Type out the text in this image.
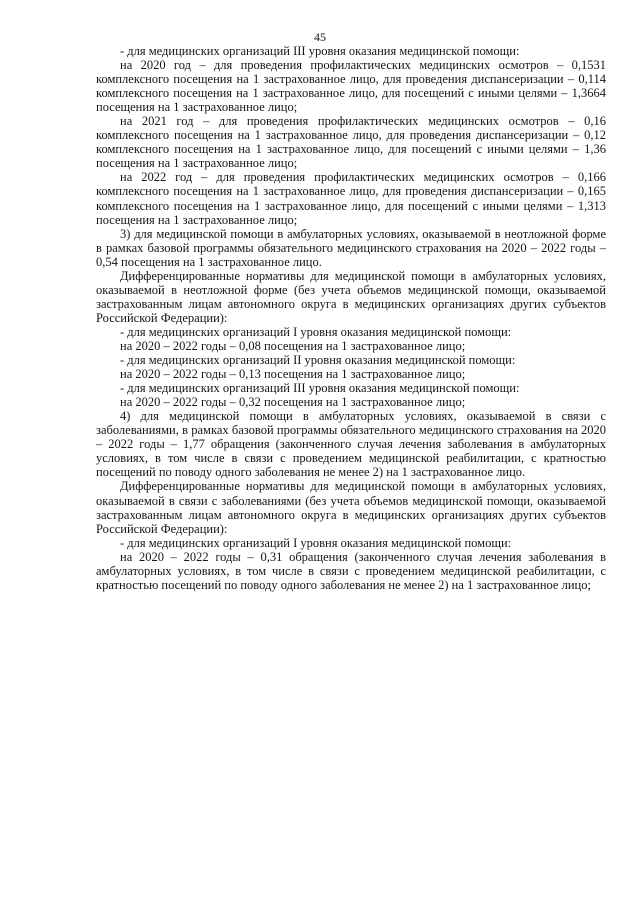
45

- для медицинских организаций III уровня оказания медицинской помощи:

на 2020 год – для проведения профилактических медицинских осмотров – 0,1531 комплексного посещения на 1 застрахованное лицо, для проведения диспансеризации – 0,114 комплексного посещения на 1 застрахованное лицо, для посещений с иными целями – 1,3664 посещения на 1 застрахованное лицо;

на 2021 год – для проведения профилактических медицинских осмотров – 0,16 комплексного посещения на 1 застрахованное лицо, для проведения диспансеризации – 0,12 комплексного посещения на 1 застрахованное лицо, для посещений с иными целями – 1,36 посещения на 1 застрахованное лицо;

на 2022 год – для проведения профилактических медицинских осмотров – 0,166 комплексного посещения на 1 застрахованное лицо, для проведения диспансеризации – 0,165 комплексного посещения на 1 застрахованное лицо, для посещений с иными целями – 1,313 посещения на 1 застрахованное лицо;

3) для медицинской помощи в амбулаторных условиях, оказываемой в неотложной форме в рамках базовой программы обязательного медицинского страхования на 2020 – 2022 годы – 0,54 посещения на 1 застрахованное лицо.

Дифференцированные нормативы для медицинской помощи в амбулаторных условиях, оказываемой в неотложной форме (без учета объемов медицинской помощи, оказываемой застрахованным лицам автономного округа в медицинских организациях других субъектов Российской Федерации):

- для медицинских организаций I уровня оказания медицинской помощи:

на 2020 – 2022 годы – 0,08 посещения на 1 застрахованное лицо;

- для медицинских организаций II уровня оказания медицинской помощи:

на 2020 – 2022 годы – 0,13 посещения на 1 застрахованное лицо;

- для медицинских организаций III уровня оказания медицинской помощи:

на 2020 – 2022 годы – 0,32 посещения на 1 застрахованное лицо;

4) для медицинской помощи в амбулаторных условиях, оказываемой в связи с заболеваниями, в рамках базовой программы обязательного медицинского страхования на 2020 – 2022 годы – 1,77 обращения (законченного случая лечения заболевания в амбулаторных условиях, в том числе в связи с проведением медицинской реабилитации, с кратностью посещений по поводу одного заболевания не менее 2) на 1 застрахованное лицо.

Дифференцированные нормативы для медицинской помощи в амбулаторных условиях, оказываемой в связи с заболеваниями (без учета объемов медицинской помощи, оказываемой застрахованным лицам автономного округа в медицинских организациях других субъектов Российской Федерации):

- для медицинских организаций I уровня оказания медицинской помощи:

на 2020 – 2022 годы – 0,31 обращения (законченного случая лечения заболевания в амбулаторных условиях, в том числе в связи с проведением медицинской реабилитации, с кратностью посещений по поводу одного заболевания не менее 2) на 1 застрахованное лицо;
